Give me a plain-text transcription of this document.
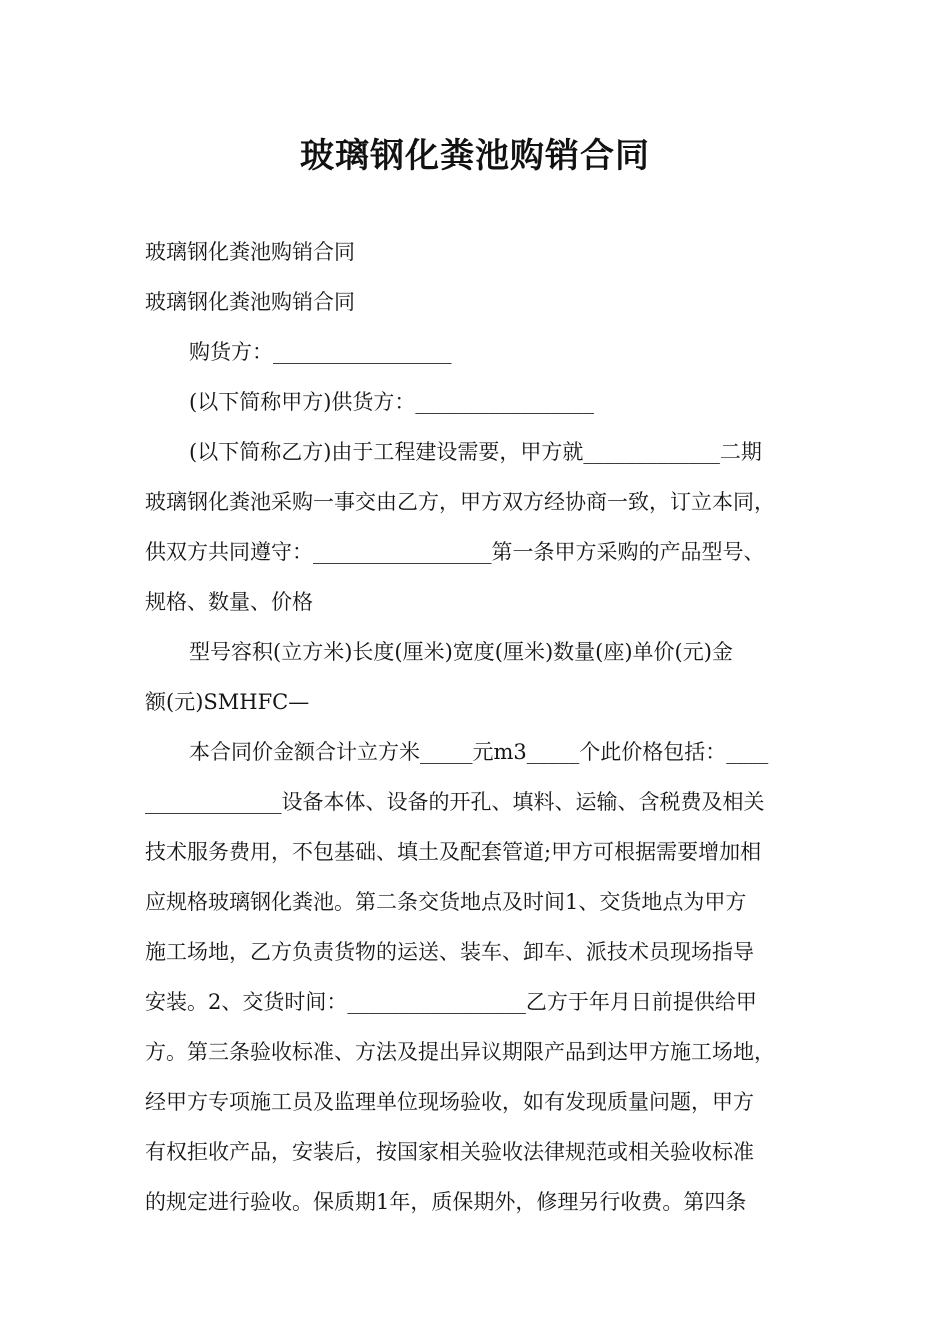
玻璃钢化粪池购销合同
玻璃钢化粪池购销合同
玻璃钢化粪池购销合同
购货方：_________________
(以下简称甲方)供货方：_________________
(以下简称乙方)由于工程建设需要，甲方就_____________二期
玻璃钢化粪池采购一事交由乙方，甲方双方经协商一致，订立本同，
供双方共同遵守：_________________第一条甲方采购的产品型号、
规格、数量、价格
型号容积(立方米)长度(厘米)宽度(厘米)数量(座)单价(元)金
额(元)SMHFC—
本合同价金额合计立方米_____元m3_____个此价格包括：____
_____________设备本体、设备的开孔、填料、运输、含税费及相关
技术服务费用，不包基础、填土及配套管道;甲方可根据需要增加相
应规格玻璃钢化粪池。第二条交货地点及时间1、交货地点为甲方
施工场地，乙方负责货物的运送、装车、卸车、派技术员现场指导
安装。2、交货时间：_________________乙方于年月日前提供给甲
方。第三条验收标准、方法及提出异议期限产品到达甲方施工场地，
经甲方专项施工员及监理单位现场验收，如有发现质量问题，甲方
有权拒收产品，安装后，按国家相关验收法律规范或相关验收标准
的规定进行验收。保质期1年，质保期外，修理另行收费。第四条
